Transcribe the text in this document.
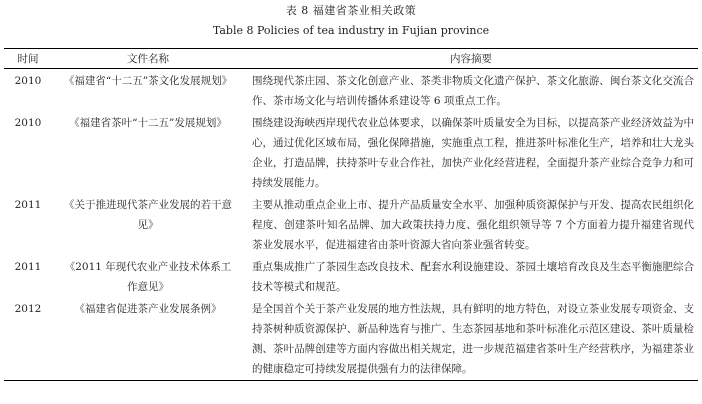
表 8 福建省茶业相关政策
Table 8 Policies of tea industry in Fujian province
时间	文件名称	内容摘要
2010	《福建省“十二五”茶文化发展规划》	围绕现代茶庄园、茶文化创意产业、茶类非物质文化遗产保护、茶文化旅游、闽台茶文化交流合作、茶市场文化与培训传播体系建设等 6 项重点工作。
2010	《福建省茶叶“十二五”发展规划》	围绕建设海峡西岸现代农业总体要求，以确保茶叶质量安全为目标，以提高茶产业经济效益为中心，通过优化区域布局，强化保障措施，实施重点工程，推进茶叶标准化生产，培养和壮大龙头企业，打造品牌，扶持茶叶专业合作社，加快产业化经营进程，全面提升茶产业综合竞争力和可持续发展能力。
2011	《关于推进现代茶产业发展的若干意见》	主要从推动重点企业上市、提升产品质量安全水平、加强种质资源保护与开发、提高农民组织化程度、创建茶叶知名品牌、加大政策扶持力度、强化组织领导等 7 个方面着力提升福建省现代茶业发展水平，促进福建省由茶叶资源大省向茶业强省转变。
2011	《2011 年现代农业产业技术体系工作意见》	重点集成推广了茶园生态改良技术、配套水利设施建设、茶园土壤培育改良及生态平衡施肥综合技术等模式和规范。
2012	《福建省促进茶产业发展条例》	是全国首个关于茶产业发展的地方性法规，具有鲜明的地方特色，对设立茶业发展专项资金、支持茶树种质资源保护、新品种选育与推广、生态茶园基地和茶叶标准化示范区建设、茶叶质量检测、茶叶品牌创建等方面内容做出相关规定，进一步规范福建省茶叶生产经营秩序，为福建茶业的健康稳定可持续发展提供强有力的法律保障。
